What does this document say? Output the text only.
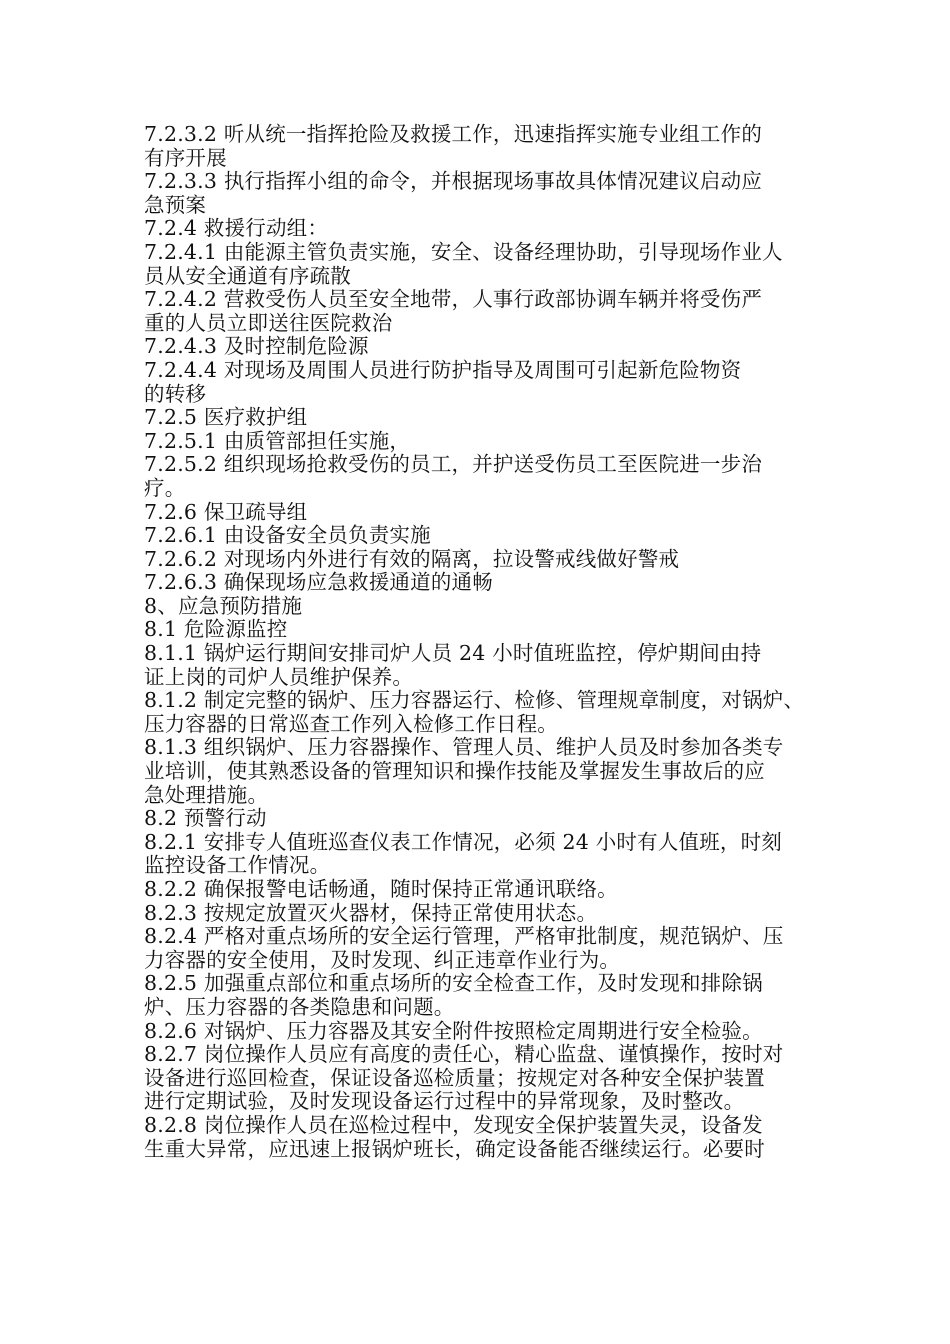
7.2.3.2 听从统一指挥抢险及救援工作，迅速指挥实施专业组工作的
有序开展
7.2.3.3 执行指挥小组的命令，并根据现场事故具体情况建议启动应
急预案
7.2.4 救援行动组：
7.2.4.1 由能源主管负责实施，安全、设备经理协助，引导现场作业人
员从安全通道有序疏散
7.2.4.2 营救受伤人员至安全地带，人事行政部协调车辆并将受伤严
重的人员立即送往医院救治
7.2.4.3 及时控制危险源
7.2.4.4 对现场及周围人员进行防护指导及周围可引起新危险物资
的转移
7.2.5 医疗救护组
7.2.5.1 由质管部担任实施，
7.2.5.2 组织现场抢救受伤的员工，并护送受伤员工至医院进一步治
疗。
7.2.6 保卫疏导组
7.2.6.1 由设备安全员负责实施
7.2.6.2 对现场内外进行有效的隔离，拉设警戒线做好警戒
7.2.6.3 确保现场应急救援通道的通畅
8、应急预防措施
8.1 危险源监控
8.1.1 锅炉运行期间安排司炉人员 24 小时值班监控，停炉期间由持
证上岗的司炉人员维护保养。
8.1.2 制定完整的锅炉、压力容器运行、检修、管理规章制度，对锅炉、
压力容器的日常巡查工作列入检修工作日程。
8.1.3 组织锅炉、压力容器操作、管理人员、维护人员及时参加各类专
业培训，使其熟悉设备的管理知识和操作技能及掌握发生事故后的应
急处理措施。
8.2 预警行动
8.2.1 安排专人值班巡查仪表工作情况，必须 24 小时有人值班，时刻
监控设备工作情况。
8.2.2 确保报警电话畅通，随时保持正常通讯联络。
8.2.3 按规定放置灭火器材，保持正常使用状态。
8.2.4 严格对重点场所的安全运行管理，严格审批制度，规范锅炉、压
力容器的安全使用，及时发现、纠正违章作业行为。
8.2.5 加强重点部位和重点场所的安全检查工作，及时发现和排除锅
炉、压力容器的各类隐患和问题。
8.2.6 对锅炉、压力容器及其安全附件按照检定周期进行安全检验。
8.2.7 岗位操作人员应有高度的责任心，精心监盘、谨慎操作，按时对
设备进行巡回检查，保证设备巡检质量；按规定对各种安全保护装置
进行定期试验，及时发现设备运行过程中的异常现象，及时整改。
8.2.8 岗位操作人员在巡检过程中，发现安全保护装置失灵，设备发
生重大异常，应迅速上报锅炉班长，确定设备能否继续运行。必要时
